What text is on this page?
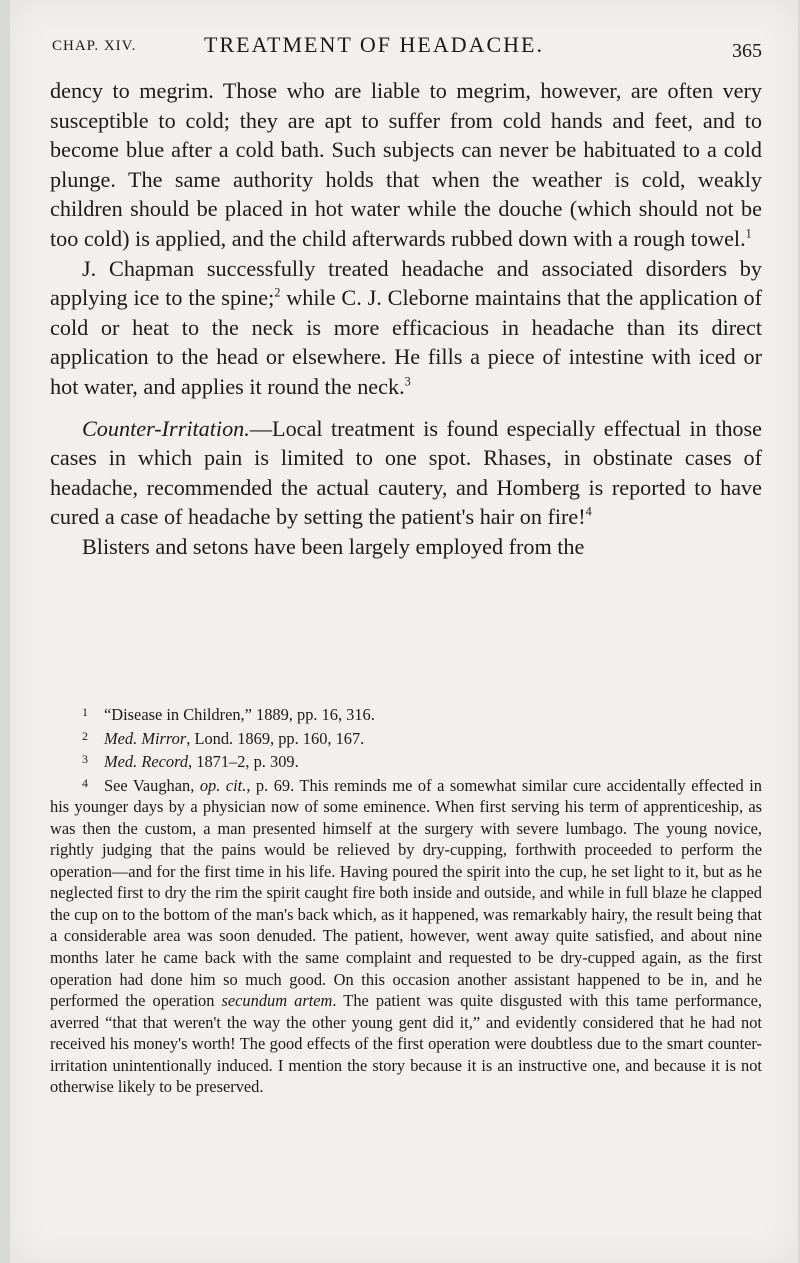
CHAP. XIV.	TREATMENT OF HEADACHE.	365

dency to megrim. Those who are liable to megrim, however, are often very susceptible to cold; they are apt to suffer from cold hands and feet, and to become blue after a cold bath. Such subjects can never be habituated to a cold plunge. The same authority holds that when the weather is cold, weakly children should be placed in hot water while the douche (which should not be too cold) is applied, and the child afterwards rubbed down with a rough towel.$^1$

J. Chapman successfully treated headache and associated disorders by applying ice to the spine;$^2$ while C. J. Cleborne maintains that the application of cold or heat to the neck is more efficacious in headache than its direct application to the head or elsewhere. He fills a piece of intestine with iced or hot water, and applies it round the neck.$^3$

Counter-Irritation.—Local treatment is found especially effectual in those cases in which pain is limited to one spot. Rhases, in obstinate cases of headache, recommended the actual cautery, and Homberg is reported to have cured a case of headache by setting the patient's hair on fire!$^4$

Blisters and setons have been largely employed from the

1 “Disease in Children,” 1889, pp. 16, 316.

2 Med. Mirror, Lond. 1869, pp. 160, 167.

3 Med. Record, 1871–2, p. 309.

4 See Vaughan, op. cit., p. 69. This reminds me of a somewhat similar cure accidentally effected in his younger days by a physician now of some eminence. When first serving his term of apprenticeship, as was then the custom, a man presented himself at the surgery with severe lumbago. The young novice, rightly judging that the pains would be relieved by dry-cupping, forthwith proceeded to perform the operation—and for the first time in his life. Having poured the spirit into the cup, he set light to it, but as he neglected first to dry the rim the spirit caught fire both inside and outside, and while in full blaze he clapped the cup on to the bottom of the man's back which, as it happened, was remarkably hairy, the result being that a considerable area was soon denuded. The patient, however, went away quite satisfied, and about nine months later he came back with the same complaint and requested to be dry-cupped again, as the first operation had done him so much good. On this occasion another assistant happened to be in, and he performed the operation secundum artem. The patient was quite disgusted with this tame performance, averred “that that weren't the way the other young gent did it,” and evidently considered that he had not received his money's worth! The good effects of the first operation were doubtless due to the smart counter-irritation unintentionally induced. I mention the story because it is an instructive one, and because it is not otherwise likely to be preserved.
